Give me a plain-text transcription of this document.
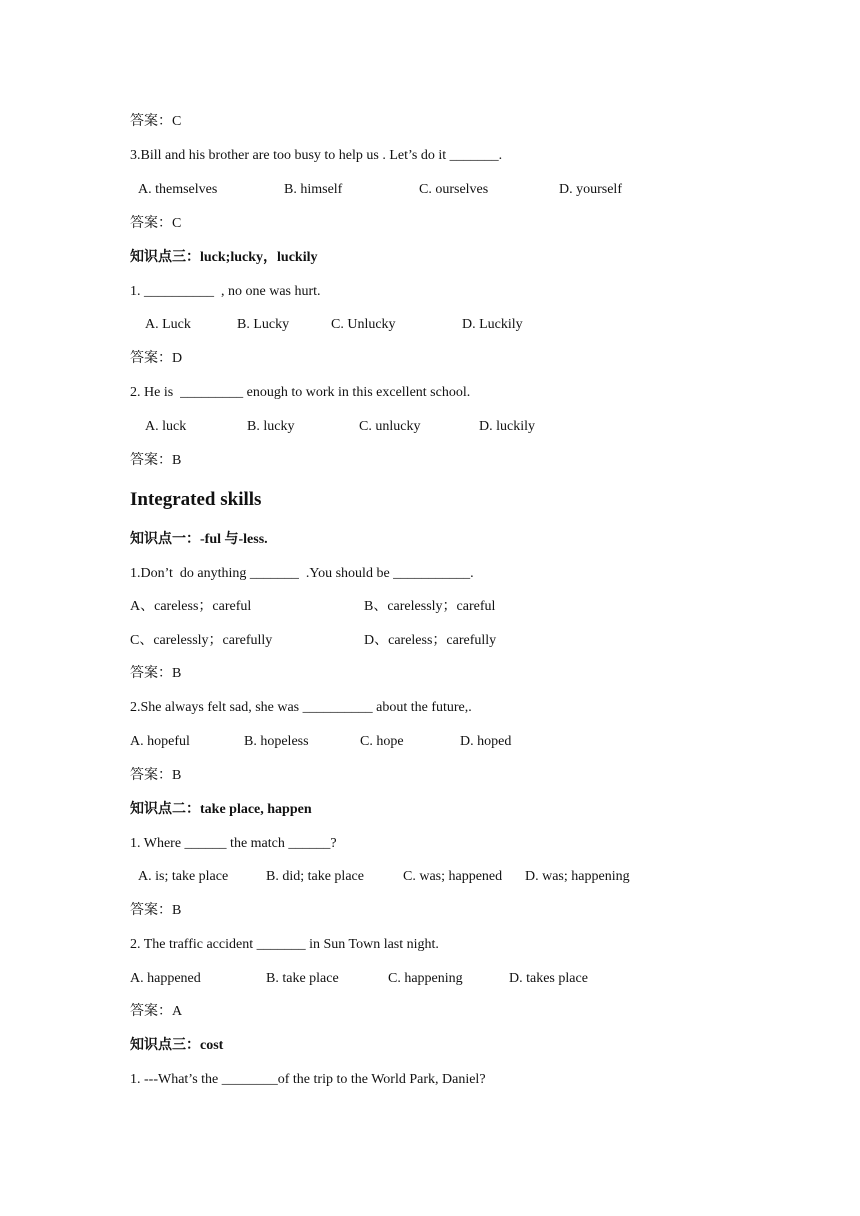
答案：C
3.Bill and his brother are too busy to help us . Let’s do it _______.
A. themselves	B. himself	C. ourselves	D. yourself
答案：C
知识点三：luck;lucky，luckily
1. __________  , no one was hurt.
A. Luck	B. Lucky	C. Unlucky	D. Luckily
答案：D
2. He is  _________ enough to work in this excellent school.
A. luck	B. lucky	C. unlucky	D. luckily
答案：B
Integrated skills
知识点一：-ful 与-less.
1.Don’t  do anything _______  .You should be ___________.
A、careless；careful	B、carelessly；careful
C、carelessly；carefully	D、careless；carefully
答案：B
2.She always felt sad, she was __________ about the future,.
A. hopeful	B. hopeless	C. hope	D. hoped
答案：B
知识点二：take place, happen
1. Where ______ the match ______?
A. is; take place	B. did; take place	C. was; happened D. was; happening
答案：B
2. The traffic accident _______ in Sun Town last night.
A. happened	B. take place	C. happening	D. takes place
答案：A
知识点三：cost
1. ---What’s the ________of the trip to the World Park, Daniel?
